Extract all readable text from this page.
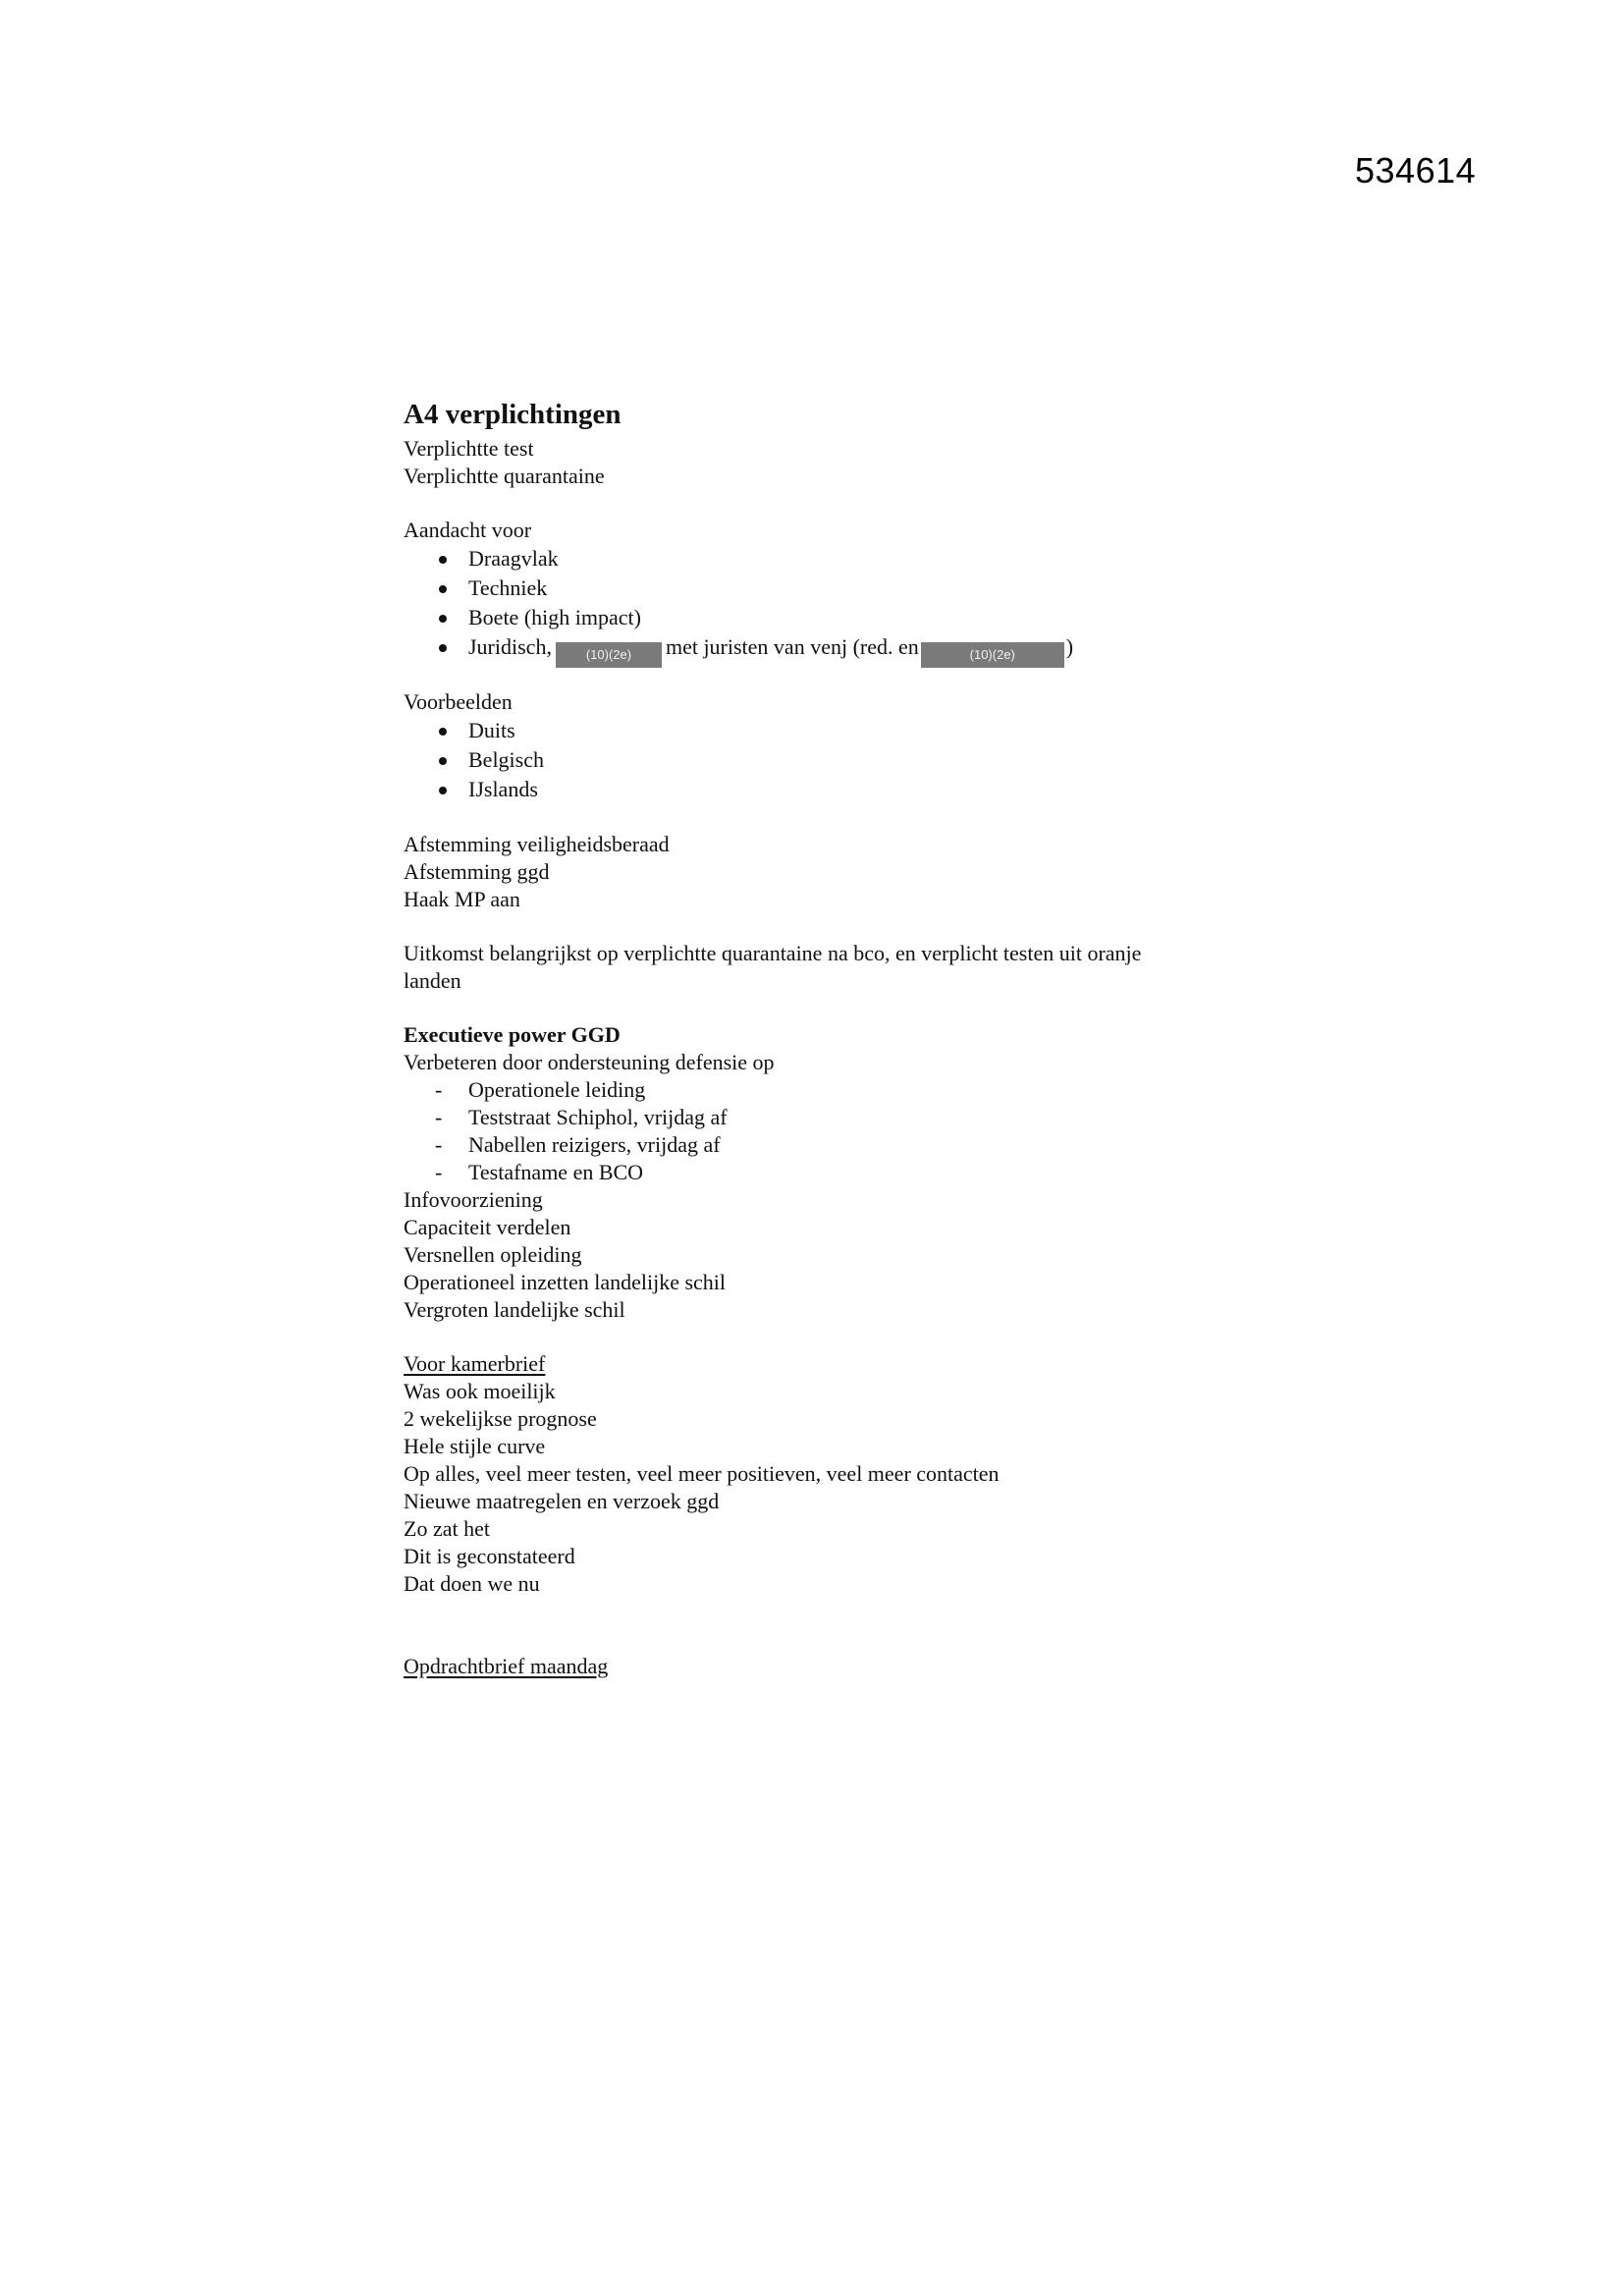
534614
A4 verplichtingen
Verplichtte test
Verplichtte quarantaine
Aandacht voor
Draagvlak
Techniek
Boete (high impact)
Juridisch,	(10)(2e) met juristen van venj (red. en	(10)(2e) )
Voorbeelden
Duits
Belgisch
IJslands
Afstemming veiligheidsberaad
Afstemming ggd
Haak MP aan
Uitkomst belangrijkst op verplichtte quarantaine na bco, en verplicht testen uit oranje
landen
Executieve power GGD
Verbeteren door ondersteuning defensie op
- Operationele leiding
- Teststraat Schiphol, vrijdag af
- Nabellen reizigers, vrijdag af
- Testafname en BCO
Infovoorziening
Capaciteit verdelen
Versnellen opleiding
Operationeel inzetten landelijke schil
Vergroten landelijke schil
Voor kamerbrief
Was ook moeilijk
2 wekelijkse prognose
Hele stijle curve
Op alles, veel meer testen, veel meer positieven, veel meer contacten
Nieuwe maatregelen en verzoek ggd
Zo zat het
Dit is geconstateerd
Dat doen we nu
Opdrachtbrief maandag
